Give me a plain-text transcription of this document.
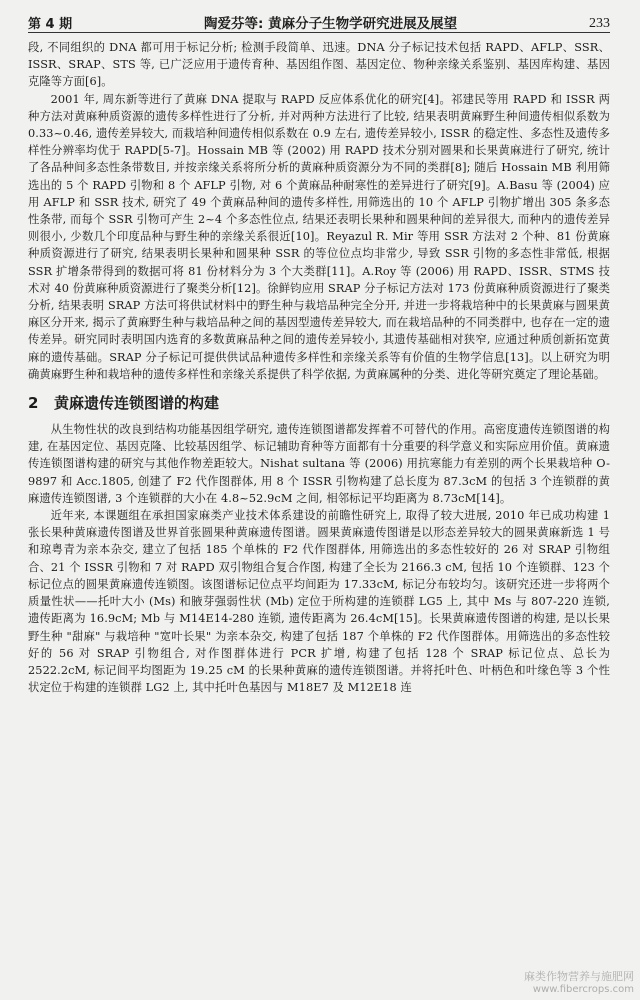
第 4 期	陶爱芬等: 黄麻分子生物学研究进展及展望	233

段, 不同组织的 DNA 都可用于标记分析; 检测手段简单、迅速。DNA 分子标记技术包括 RAPD、AFLP、SSR、ISSR、SRAP、STS 等, 已广泛应用于遗传育种、基因组作图、基因定位、物种亲缘关系鉴别、基因库构建、基因克隆等方面[6]。

2001 年, 周东新等进行了黄麻 DNA 提取与 RAPD 反应体系优化的研究[4]。祁建民等用 RAPD 和 ISSR 两种方法对黄麻种质资源的遗传多样性进行了分析, 并对两种方法进行了比较, 结果表明黄麻野生种间遗传相似系数为 0.33~0.46, 遗传差异较大, 而栽培种间遗传相似系数在 0.9 左右, 遗传差异较小, ISSR 的稳定性、多态性及遗传多样性分辨率均优于 RAPD[5-7]。Hossain MB 等 (2002) 用 RAPD 技术分别对圆果和长果黄麻进行了研究, 统计了各品种间多态性条带数目, 并按亲缘关系将所分析的黄麻种质资源分为不同的类群[8]; 随后 Hossain MB 利用筛选出的 5 个 RAPD 引物和 8 个 AFLP 引物, 对 6 个黄麻品种耐寒性的差异进行了研究[9]。A.Basu 等 (2004) 应用 AFLP 和 SSR 技术, 研究了 49 个黄麻品种间的遗传多样性, 用筛选出的 10 个 AFLP 引物扩增出 305 条多态性条带, 而每个 SSR 引物可产生 2~4 个多态性位点, 结果还表明长果种和圆果种间的差异很大, 而种内的遗传差异则很小, 少数几个印度品种与野生种的亲缘关系很近[10]。Reyazul R. Mir 等用 SSR 方法对 2 个种、81 份黄麻种质资源进行了研究, 结果表明长果种和圆果种 SSR 的等位位点均非常少, 导致 SSR 引物的多态性非常低, 根据 SSR 扩增条带得到的数据可将 81 份材料分为 3 个大类群[11]。A.Roy 等 (2006) 用 RAPD、ISSR、STMS 技术对 40 份黄麻种质资源进行了聚类分析[12]。徐鲜钧应用 SRAP 分子标记方法对 173 份黄麻种质资源进行了聚类分析, 结果表明 SRAP 方法可将供试材料中的野生种与栽培品种完全分开, 并进一步将栽培种中的长果黄麻与圆果黄麻区分开来, 揭示了黄麻野生种与栽培品种之间的基因型遗传差异较大, 而在栽培品种的不同类群中, 也存在一定的遗传差异。研究同时表明国内选育的多数黄麻品种之间的遗传差异较小, 其遗传基础相对狭窄, 应通过种质创新拓宽黄麻的遗传基础。SRAP 分子标记可提供供试品种遗传多样性和亲缘关系等有价值的生物学信息[13]。以上研究为明确黄麻野生种和栽培种的遗传多样性和亲缘关系提供了科学依据, 为黄麻属种的分类、进化等研究奠定了理论基础。

2 黄麻遗传连锁图谱的构建

从生物性状的改良到结构功能基因组学研究, 遗传连锁图谱都发挥着不可替代的作用。高密度遗传连锁图谱的构建, 在基因定位、基因克隆、比较基因组学、标记辅助育种等方面都有十分重要的科学意义和实际应用价值。黄麻遗传连锁图谱构建的研究与其他作物差距较大。Nishat sultana 等 (2006) 用抗寒能力有差别的两个长果栽培种 O-9897 和 Acc.1805, 创建了 F2 代作图群体, 用 8 个 ISSR 引物构建了总长度为 87.3cM 的包括 3 个连锁群的黄麻遗传连锁图谱, 3 个连锁群的大小在 4.8~52.9cM 之间, 相邻标记平均距离为 8.73cM[14]。

近年来, 本课题组在承担国家麻类产业技术体系建设的前瞻性研究上, 取得了较大进展, 2010 年已成功构建 1 张长果种黄麻遗传图谱及世界首张圆果种黄麻遗传图谱。圆果黄麻遗传图谱是以形态差异较大的圆果黄麻新选 1 号和琼粤青为亲本杂交, 建立了包括 185 个单株的 F2 代作图群体, 用筛选出的多态性较好的 26 对 SRAP 引物组合、21 个 ISSR 引物和 7 对 RAPD 双引物组合复合作图, 构建了全长为 2166.3 cM, 包括 10 个连锁群、123 个标记位点的圆果黄麻遗传连锁图。该图谱标记位点平均间距为 17.33cM, 标记分布较均匀。该研究还进一步将两个质量性状——托叶大小 (Ms) 和腋芽强弱性状 (Mb) 定位于所构建的连锁群 LG5 上, 其中 Ms 与 807-220 连锁, 遗传距离为 16.9cM; Mb 与 M14E14-280 连锁, 遗传距离为 26.4cM[15]。长果黄麻遗传图谱的构建, 是以长果野生种 "甜麻" 与栽培种 "宽叶长果" 为亲本杂交, 构建了包括 187 个单株的 F2 代作图群体。用筛选出的多态性较好的 56 对 SRAP 引物组合, 对作图群体进行 PCR 扩增, 构建了包括 128 个 SRAP 标记位点、总长为 2522.2cM, 标记间平均图距为 19.25 cM 的长果种黄麻的遗传连锁图谱。并将托叶色、叶柄色和叶缘色等 3 个性状定位于构建的连锁群 LG2 上, 其中托叶色基因与 M18E7 及 M12E18 连

麻类作物营养与施肥网
www.fibercrops.com
